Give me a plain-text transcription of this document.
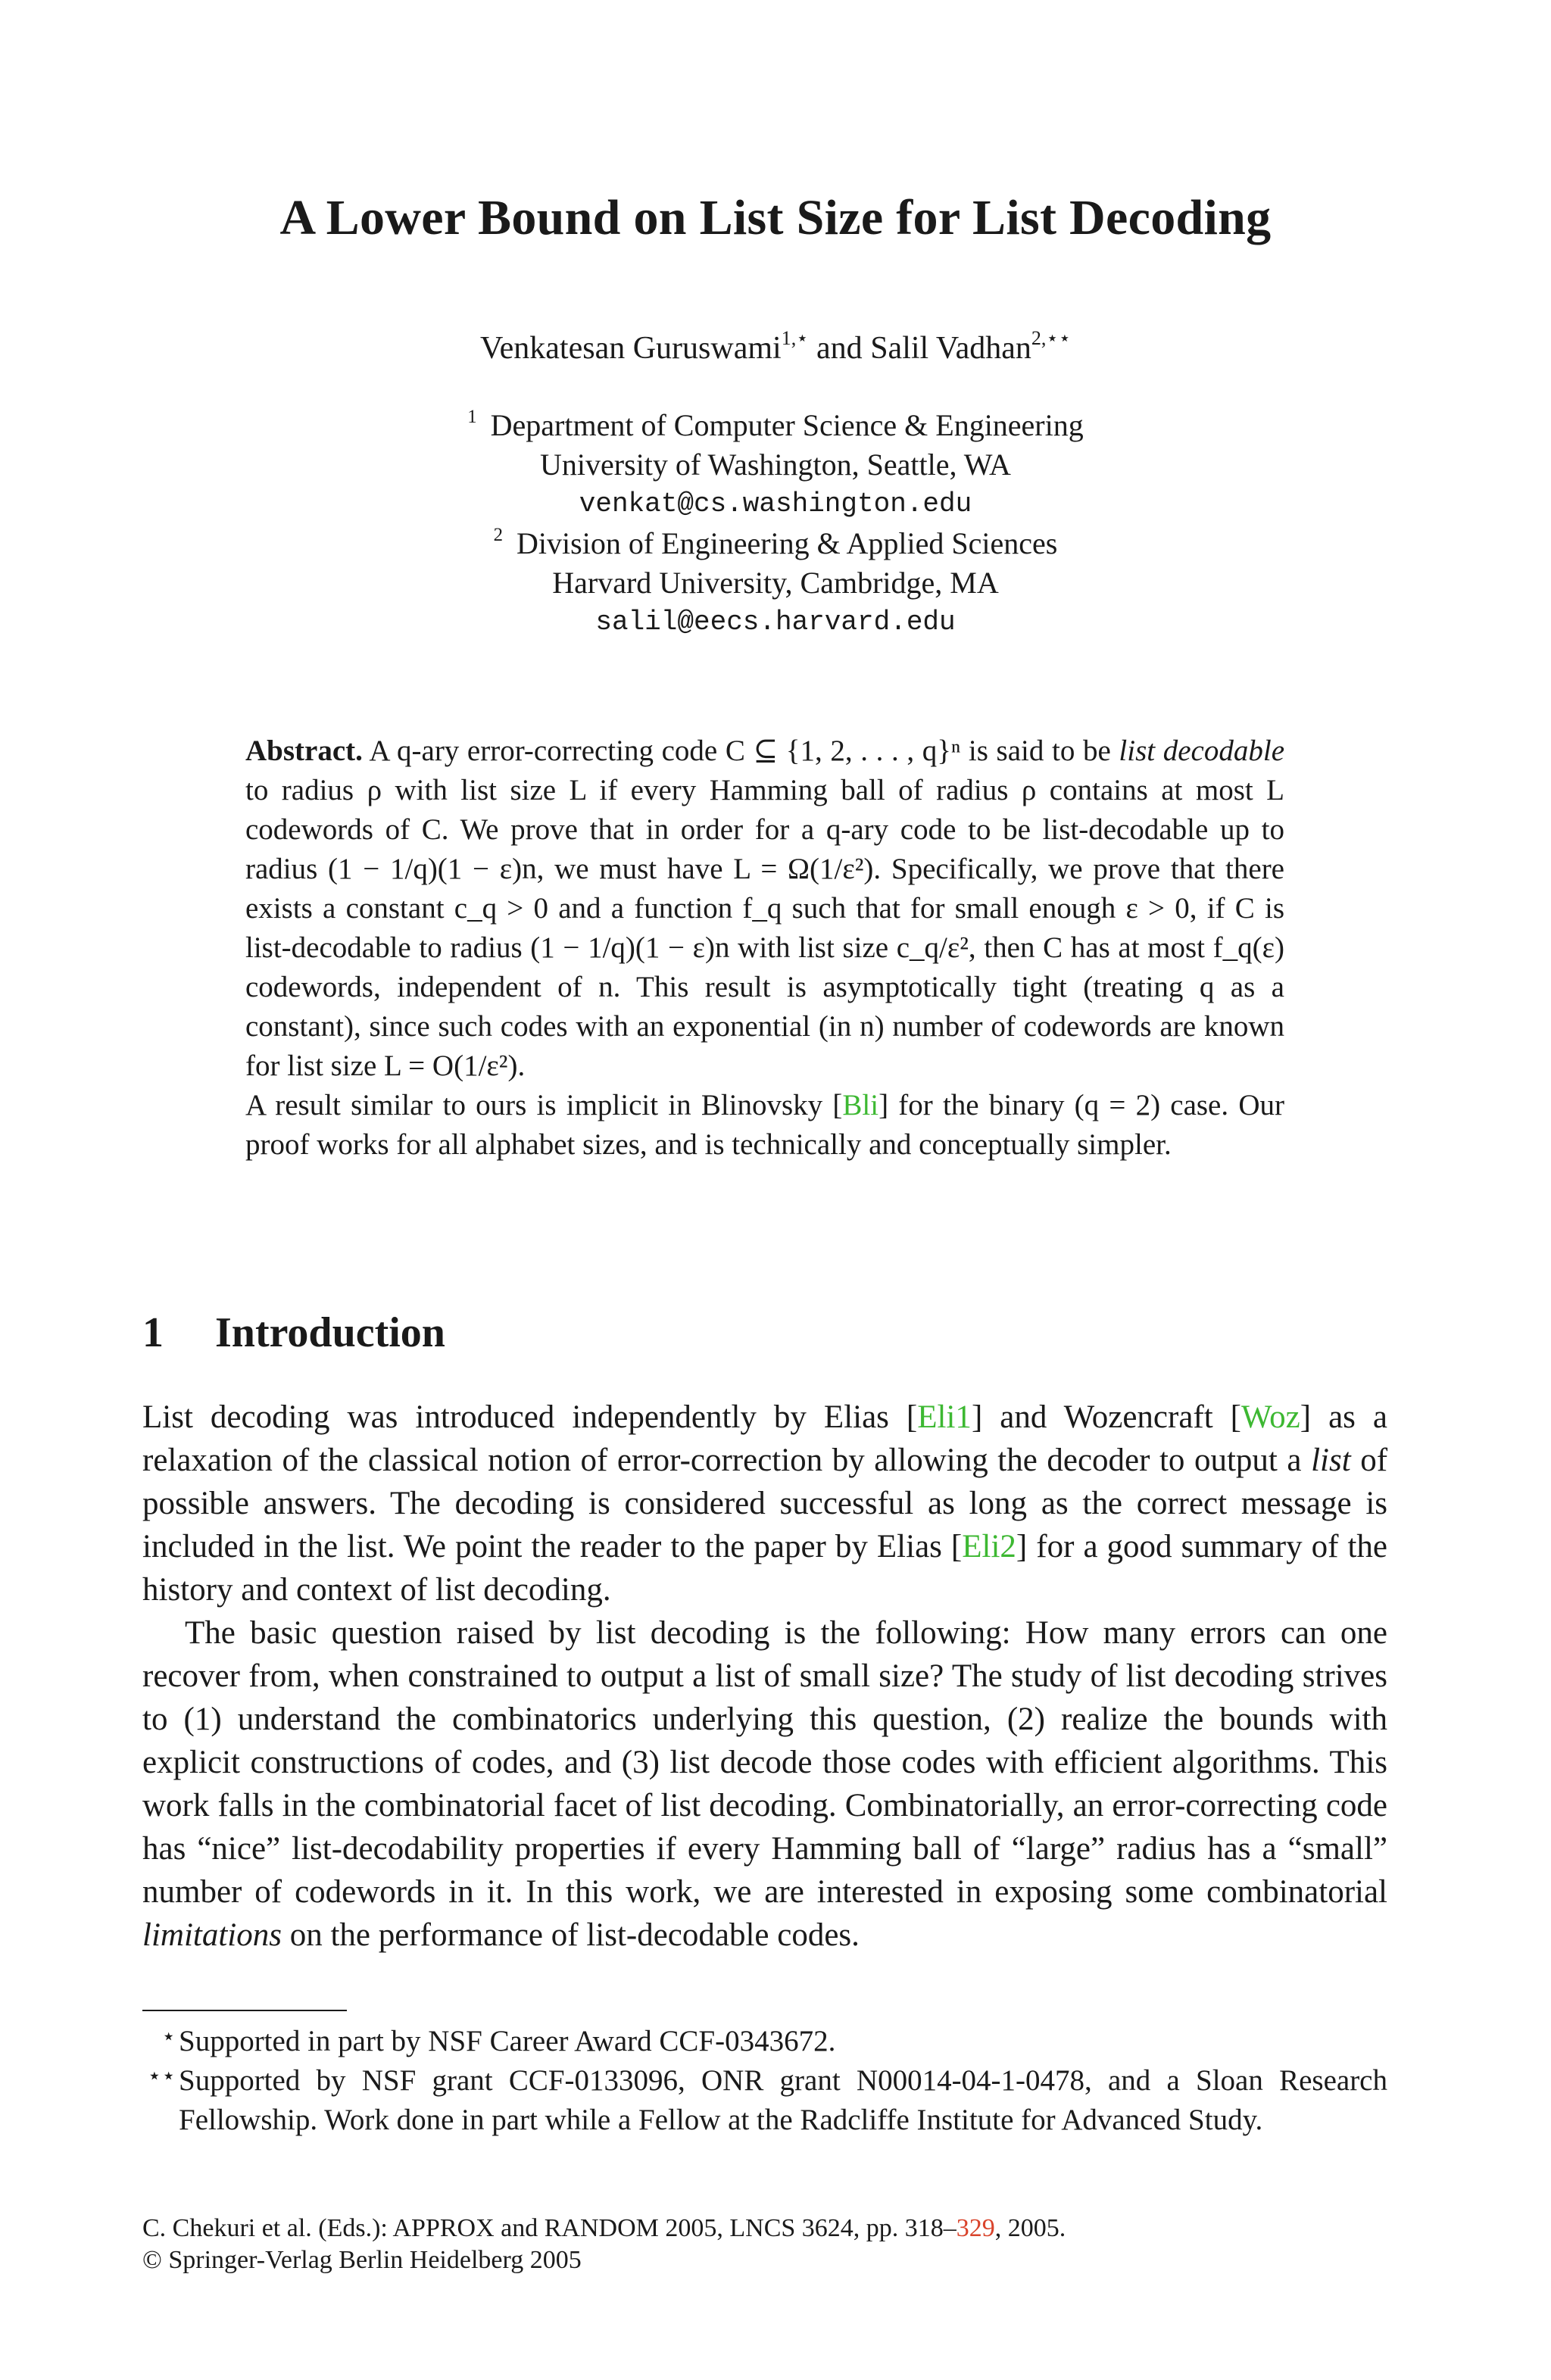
A Lower Bound on List Size for List Decoding
Venkatesan Guruswami$^{1,⋆}$ and Salil Vadhan$^{2,⋆⋆}$
$^1$ Department of Computer Science & Engineering
University of Washington, Seattle, WA
venkat@cs.washington.edu
$^2$ Division of Engineering & Applied Sciences
Harvard University, Cambridge, MA
salil@eecs.harvard.edu

Abstract. A q-ary error-correcting code C ⊆ {1, 2, . . . , q}ⁿ is said to be list decodable to radius ρ with list size L if every Hamming ball of radius ρ contains at most L codewords of C. We prove that in order for a q-ary code to be list-decodable up to radius (1 − 1/q)(1 − ε)n, we must have L = Ω(1/ε²). Specifically, we prove that there exists a constant c_q > 0 and a function f_q such that for small enough ε > 0, if C is list-decodable to radius (1 − 1/q)(1 − ε)n with list size c_q/ε², then C has at most f_q(ε) codewords, independent of n. This result is asymptotically tight (treating q as a constant), since such codes with an exponential (in n) number of codewords are known for list size L = O(1/ε²).

A result similar to ours is implicit in Blinovsky [Bli] for the binary (q = 2) case. Our proof works for all alphabet sizes, and is technically and conceptually simpler.

1 Introduction

List decoding was introduced independently by Elias [Eli1] and Wozencraft [Woz] as a relaxation of the classical notion of error-correction by allowing the decoder to output a list of possible answers. The decoding is considered successful as long as the correct message is included in the list. We point the reader to the paper by Elias [Eli2] for a good summary of the history and context of list decoding.

The basic question raised by list decoding is the following: How many errors can one recover from, when constrained to output a list of small size? The study of list decoding strives to (1) understand the combinatorics underlying this question, (2) realize the bounds with explicit constructions of codes, and (3) list decode those codes with efficient algorithms. This work falls in the combinatorial facet of list decoding. Combinatorially, an error-correcting code has “nice” list-decodability properties if every Hamming ball of “large” radius has a “small” number of codewords in it. In this work, we are interested in exposing some combinatorial limitations on the performance of list-decodable codes.

⋆ Supported in part by NSF Career Award CCF-0343672.
⋆⋆ Supported by NSF grant CCF-0133096, ONR grant N00014-04-1-0478, and a Sloan Research Fellowship. Work done in part while a Fellow at the Radcliffe Institute for Advanced Study.
C. Chekuri et al. (Eds.): APPROX and RANDOM 2005, LNCS 3624, pp. 318–329, 2005.
© Springer-Verlag Berlin Heidelberg 2005
